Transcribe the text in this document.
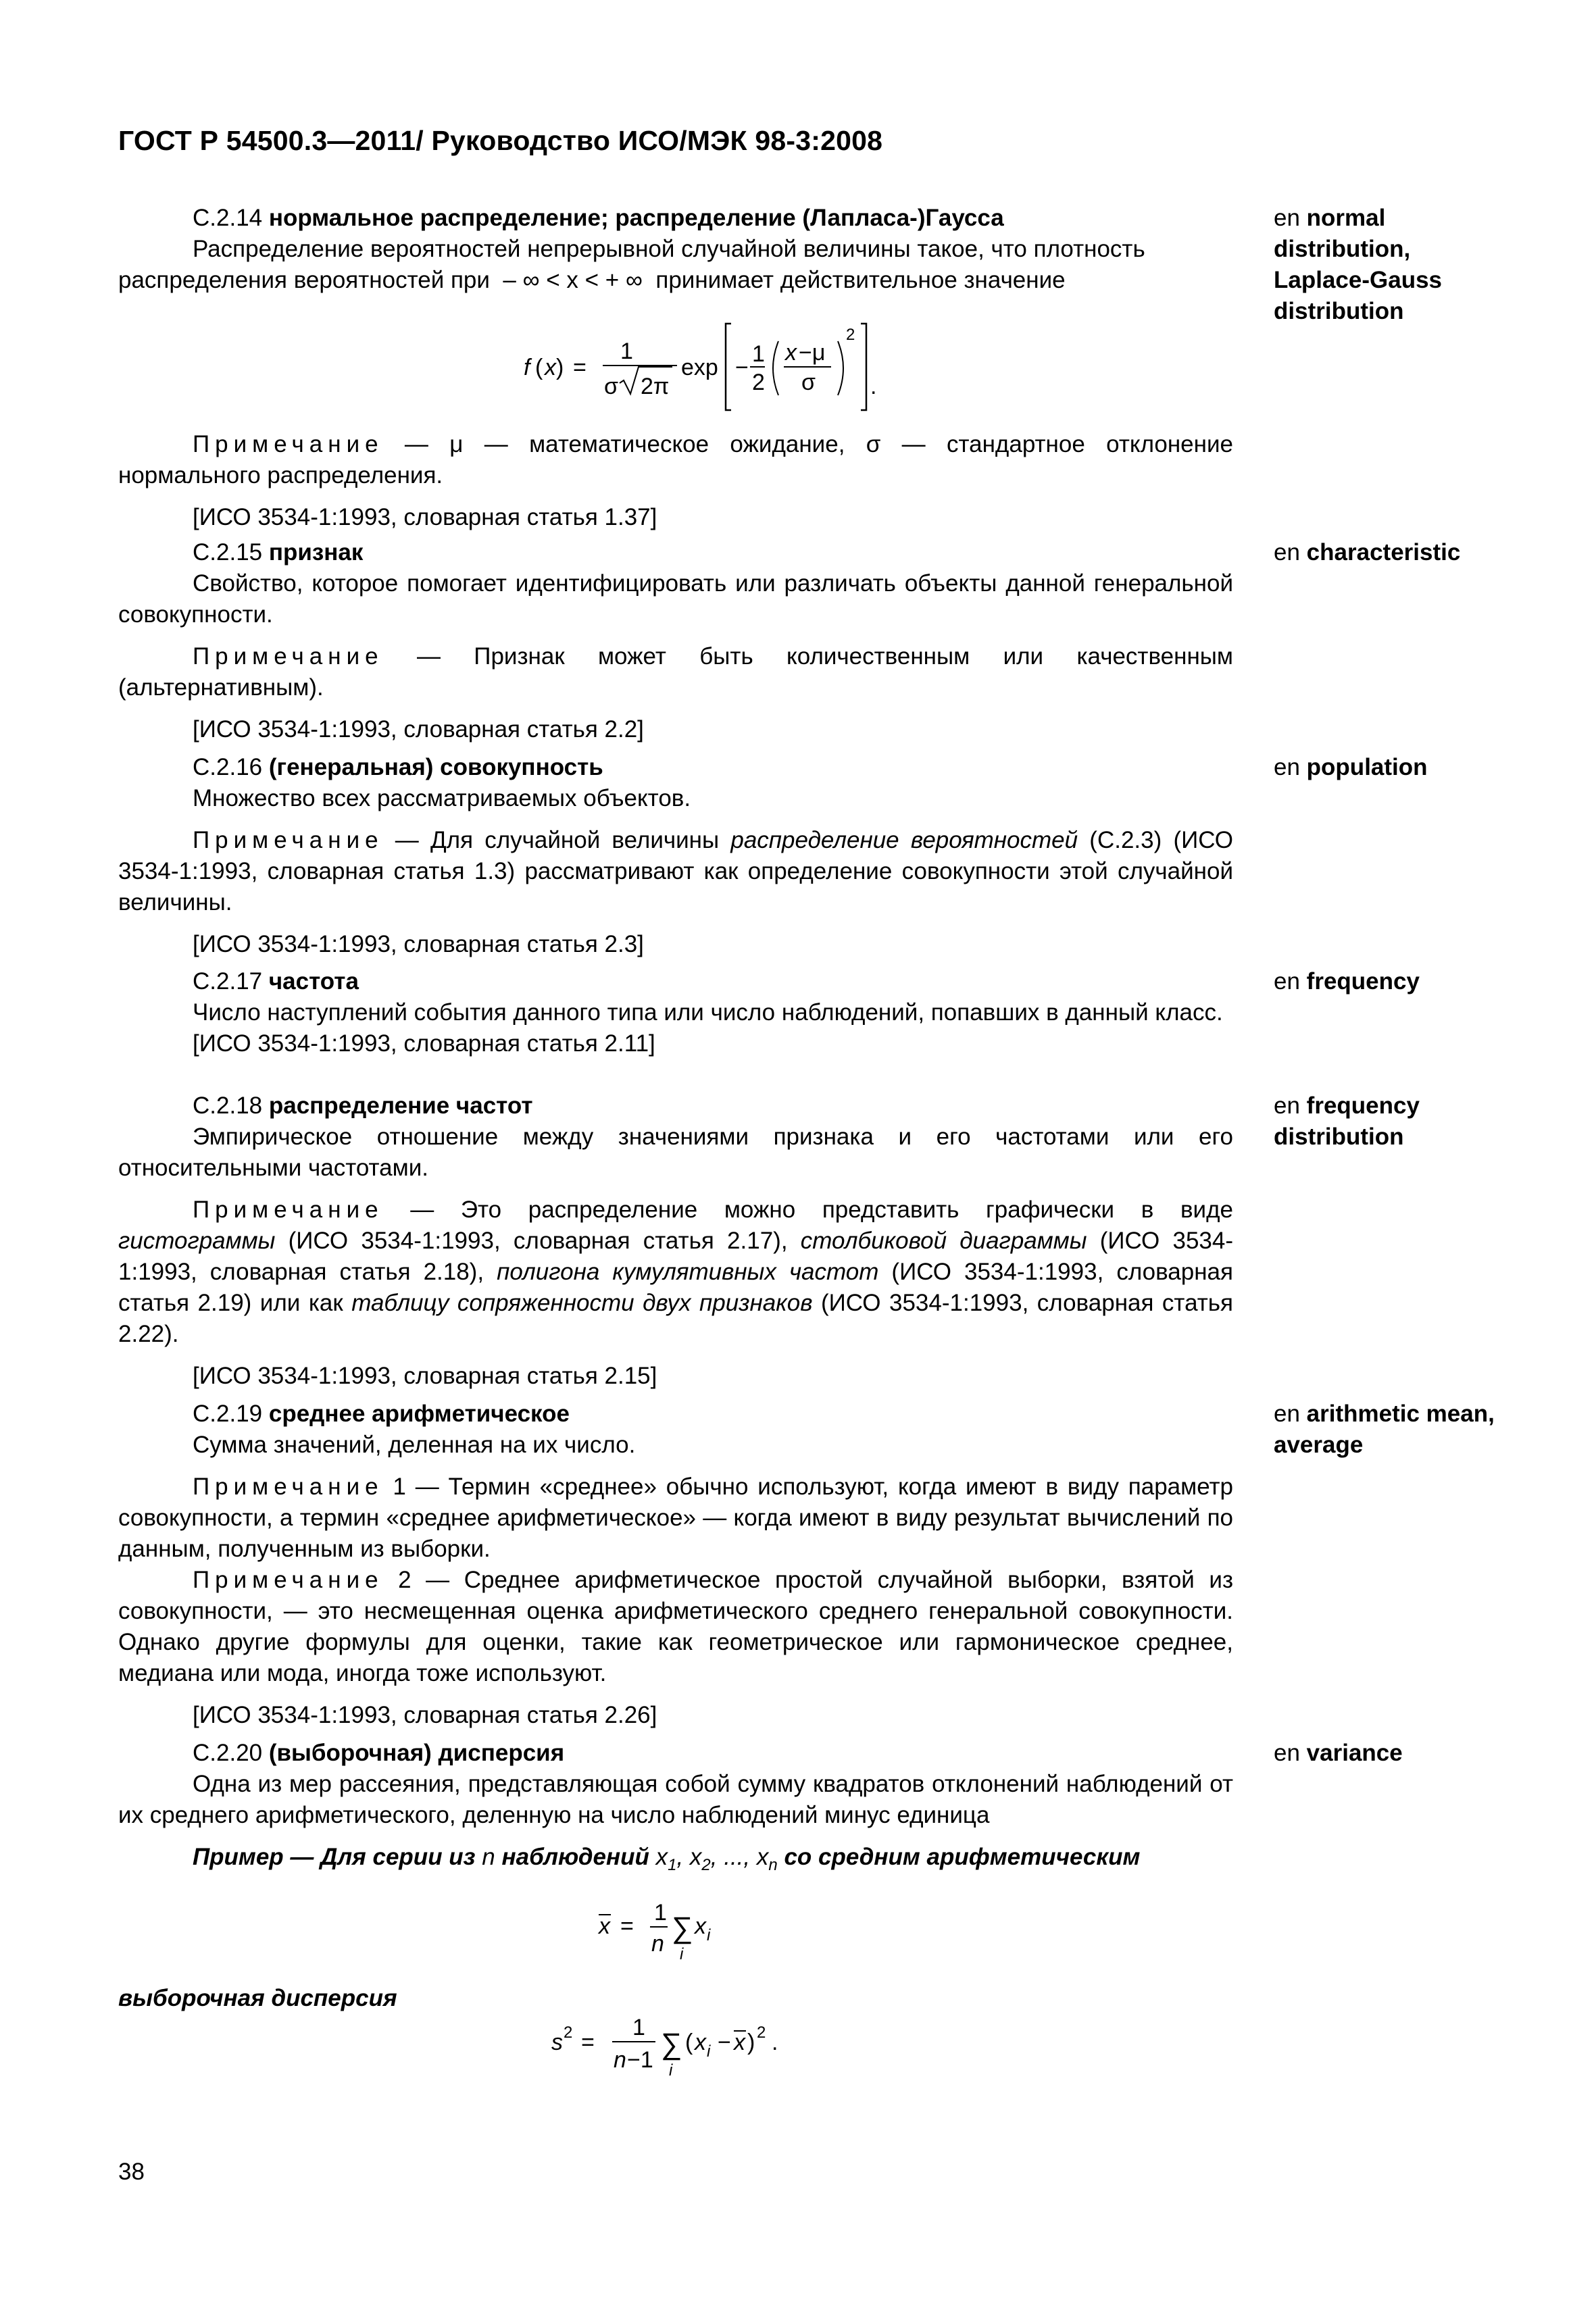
ГОСТ Р 54500.3—2011/ Руководство ИСО/МЭК 98-3:2008

С.2.14 нормальное распределение; распределение (Лапласа-)Гаусса

Распределение вероятностей непрерывной случайной величины такое, что плотность

распределения вероятностей при – ∞ < x < + ∞ принимает действительное значение

f ( x ) =
1
σ 2π
exp −
1
2
x −μ
σ
2
.

Примечание — μ — математическое ожидание, σ — стандартное отклонение нормального распределения.

[ИСО 3534-1:1993, словарная статья 1.37]

en normal distribution, Laplace-Gauss distribution

С.2.15 признак

Свойство, которое помогает идентифицировать или различать объекты данной генеральной совокупности.

Примечание — Признак может быть количественным или качественным (альтернативным).

[ИСО 3534-1:1993, словарная статья 2.2]

en characteristic

С.2.16 (генеральная) совокупность

Множество всех рассматриваемых объектов.

Примечание — Для случайной величины распределение вероятностей (С.2.3) (ИСО 3534-1:1993, словарная статья 1.3) рассматривают как определение совокупности этой случайной величины.

[ИСО 3534-1:1993, словарная статья 2.3]

en population

С.2.17 частота

Число наступлений события данного типа или число наблюдений, попавших в данный класс.

[ИСО 3534-1:1993, словарная статья 2.11]

en frequency

С.2.18 распределение частот

Эмпирическое отношение между значениями признака и его частотами или его относительными частотами.

Примечание — Это распределение можно представить графически в виде гистограммы (ИСО 3534-1:1993, словарная статья 2.17), столбиковой диаграммы (ИСО 3534-1:1993, словарная статья 2.18), полигона кумулятивных частот (ИСО 3534-1:1993, словарная статья 2.19) или как таблицу сопряженности двух признаков (ИСО 3534-1:1993, словарная статья 2.22).

[ИСО 3534-1:1993, словарная статья 2.15]

en frequency distribution

С.2.19 среднее арифметическое

Сумма значений, деленная на их число.

Примечание 1 — Термин «среднее» обычно используют, когда имеют в виду параметр совокупности, а термин «среднее арифметическое» — когда имеют в виду результат вычислений по данным, полученным из выборки.

Примечание 2 — Среднее арифметическое простой случайной выборки, взятой из совокупности, — это несмещенная оценка арифметического среднего генеральной совокупности. Однако другие формулы для оценки, такие как геометрическое или гармоническое среднее, медиана или мода, иногда тоже используют.

[ИСО 3534-1:1993, словарная статья 2.26]

en arithmetic mean, average

С.2.20 (выборочная) дисперсия

Одна из мер рассеяния, представляющая собой сумму квадратов отклонений наблюдений от их среднего арифметического, деленную на число наблюдений минус единица

Пример — Для серии из n наблюдений $x_1$, $x_2$, ..., $x_n$ со средним арифметическим

en variance
x =
1
n ∑
i
x i
выборочная дисперсия
s 2 =
1
n −1 ∑
i
( x i − x ) 2 .
38
